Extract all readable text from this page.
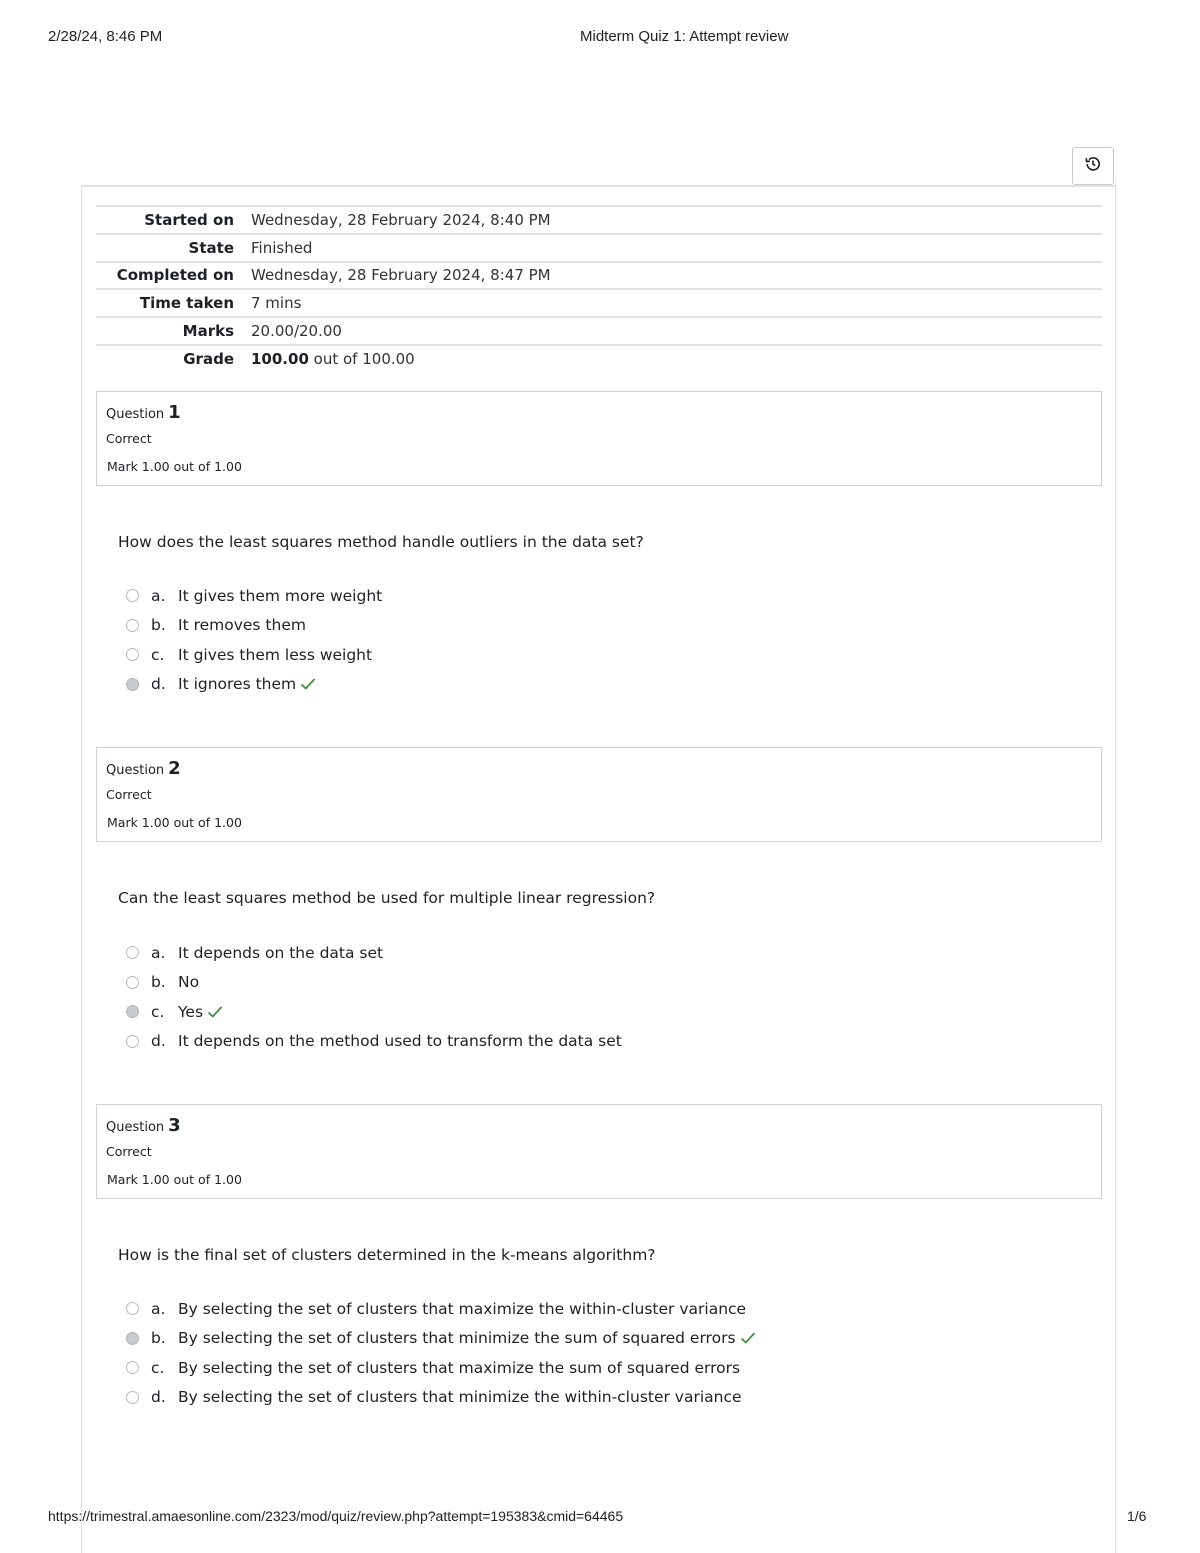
2/28/24, 8:46 PM	Midterm Quiz 1: Attempt review
Started on	Wednesday, 28 February 2024, 8:40 PM
State	Finished
Completed on	Wednesday, 28 February 2024, 8:47 PM
Time taken	7 mins
Marks	20.00/20.00
Grade	100.00 out of 100.00
Question 1
Correct
Mark 1.00 out of 1.00
How does the least squares method handle outliers in the data set?
a. It gives them more weight
b. It removes them
c. It gives them less weight
d. It ignores them
Question 2
Correct
Mark 1.00 out of 1.00
Can the least squares method be used for multiple linear regression?
a. It depends on the data set
b. No
c. Yes
d. It depends on the method used to transform the data set
Question 3
Correct
Mark 1.00 out of 1.00
How is the final set of clusters determined in the k-means algorithm?
a. By selecting the set of clusters that maximize the within-cluster variance
b. By selecting the set of clusters that minimize the sum of squared errors
c. By selecting the set of clusters that maximize the sum of squared errors
d. By selecting the set of clusters that minimize the within-cluster variance
https://trimestral.amaesonline.com/2323/mod/quiz/review.php?attempt=195383&cmid=64465	1/6
